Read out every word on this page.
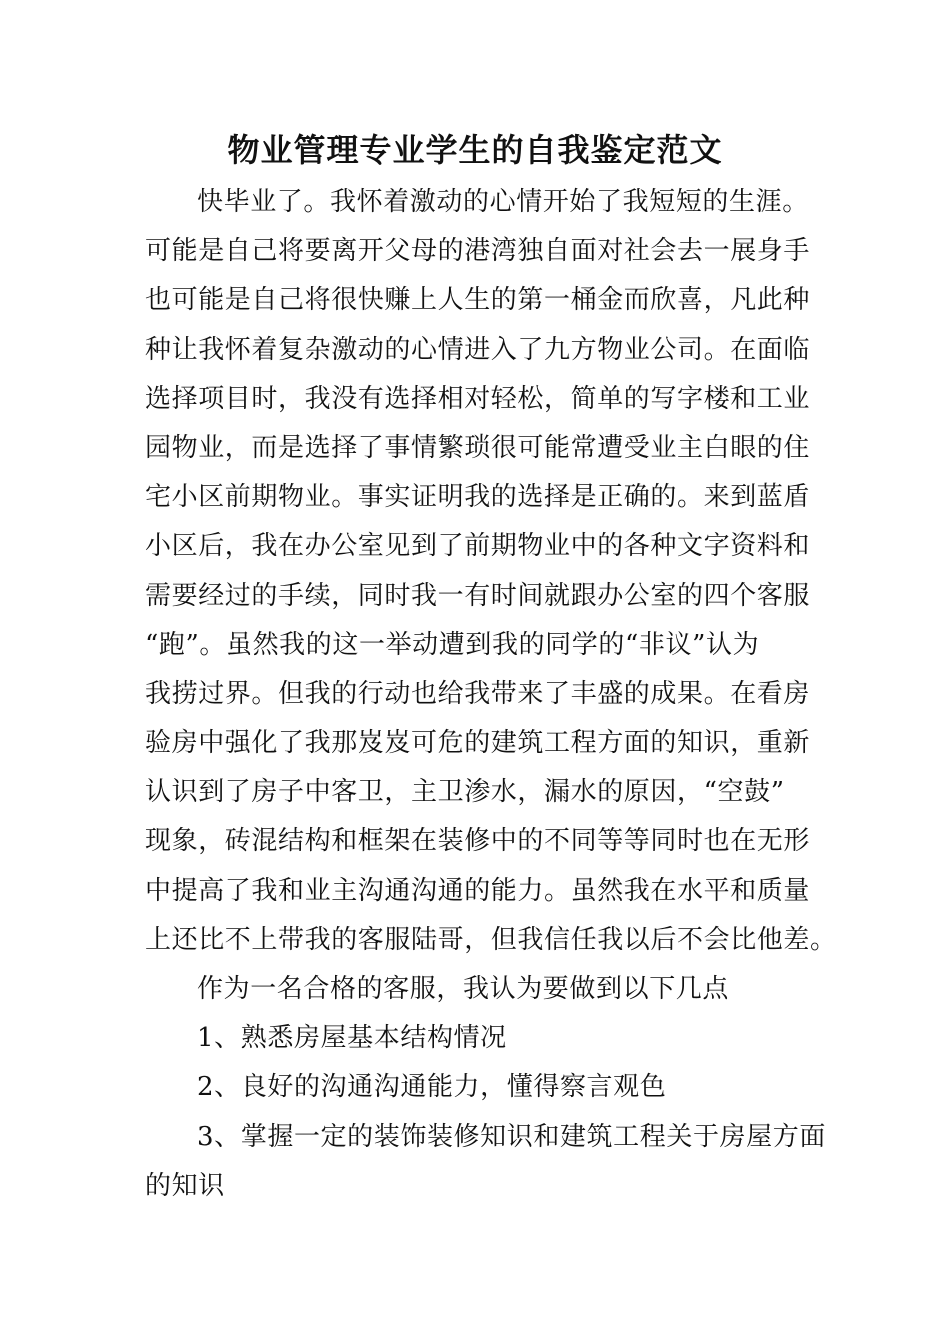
物业管理专业学生的自我鉴定范文
快毕业了。我怀着激动的心情开始了我短短的生涯。
可能是自己将要离开父母的港湾独自面对社会去一展身手
也可能是自己将很快赚上人生的第一桶金而欣喜，凡此种
种让我怀着复杂激动的心情进入了九方物业公司。在面临
选择项目时，我没有选择相对轻松，简单的写字楼和工业
园物业，而是选择了事情繁琐很可能常遭受业主白眼的住
宅小区前期物业。事实证明我的选择是正确的。来到蓝盾
小区后，我在办公室见到了前期物业中的各种文字资料和
需要经过的手续，同时我一有时间就跟办公室的四个客服
“跑”。虽然我的这一举动遭到我的同学的“非议”认为
我捞过界。但我的行动也给我带来了丰盛的成果。在看房
验房中强化了我那岌岌可危的建筑工程方面的知识，重新
认识到了房子中客卫，主卫渗水，漏水的原因，“空鼓”
现象，砖混结构和框架在装修中的不同等等同时也在无形
中提高了我和业主沟通沟通的能力。虽然我在水平和质量
上还比不上带我的客服陆哥，但我信任我以后不会比他差。
作为一名合格的客服，我认为要做到以下几点
1、熟悉房屋基本结构情况
2、良好的沟通沟通能力，懂得察言观色
3、掌握一定的装饰装修知识和建筑工程关于房屋方面
的知识
